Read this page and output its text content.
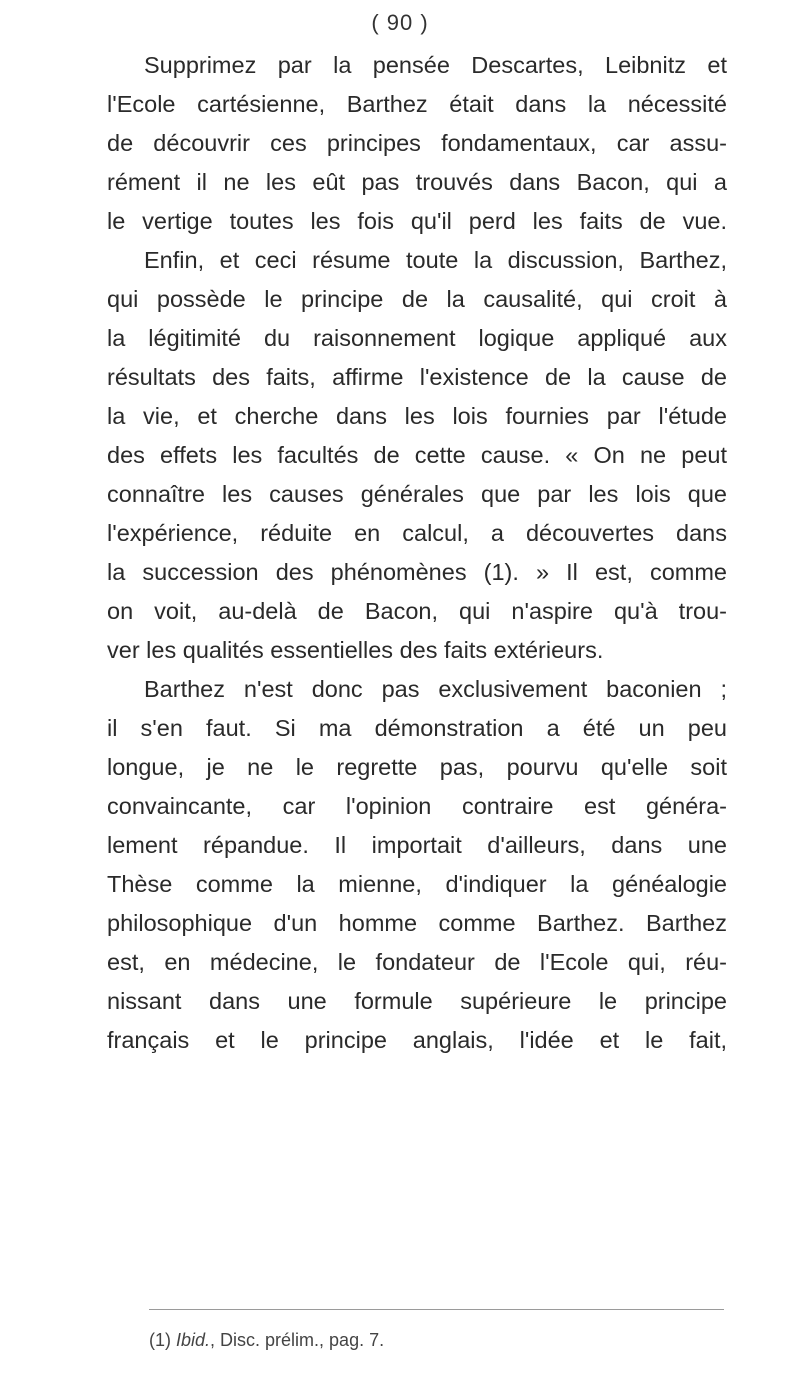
( 90 )
Supprimez par la pensée Descartes, Leibnitz et
l'Ecole cartésienne, Barthez était dans la nécessité
de découvrir ces principes fondamentaux, car assu-
rément il ne les eût pas trouvés dans Bacon, qui a
le vertige toutes les fois qu'il perd les faits de vue.
Enfin, et ceci résume toute la discussion, Barthez,
qui possède le principe de la causalité, qui croit à
la légitimité du raisonnement logique appliqué aux
résultats des faits, affirme l'existence de la cause de
la vie, et cherche dans les lois fournies par l'étude
des effets les facultés de cette cause. « On ne peut
connaître les causes générales que par les lois que
l'expérience, réduite en calcul, a découvertes dans
la succession des phénomènes (1). » Il est, comme
on voit, au-delà de Bacon, qui n'aspire qu'à trou-
ver les qualités essentielles des faits extérieurs.
Barthez n'est donc pas exclusivement baconien ;
il s'en faut. Si ma démonstration a été un peu
longue, je ne le regrette pas, pourvu qu'elle soit
convaincante, car l'opinion contraire est généra-
lement répandue. Il importait d'ailleurs, dans une
Thèse comme la mienne, d'indiquer la généalogie
philosophique d'un homme comme Barthez. Barthez
est, en médecine, le fondateur de l'Ecole qui, réu-
nissant dans une formule supérieure le principe
français et le principe anglais, l'idée et le fait,
(1) Ibid., Disc. prélim., pag. 7.
